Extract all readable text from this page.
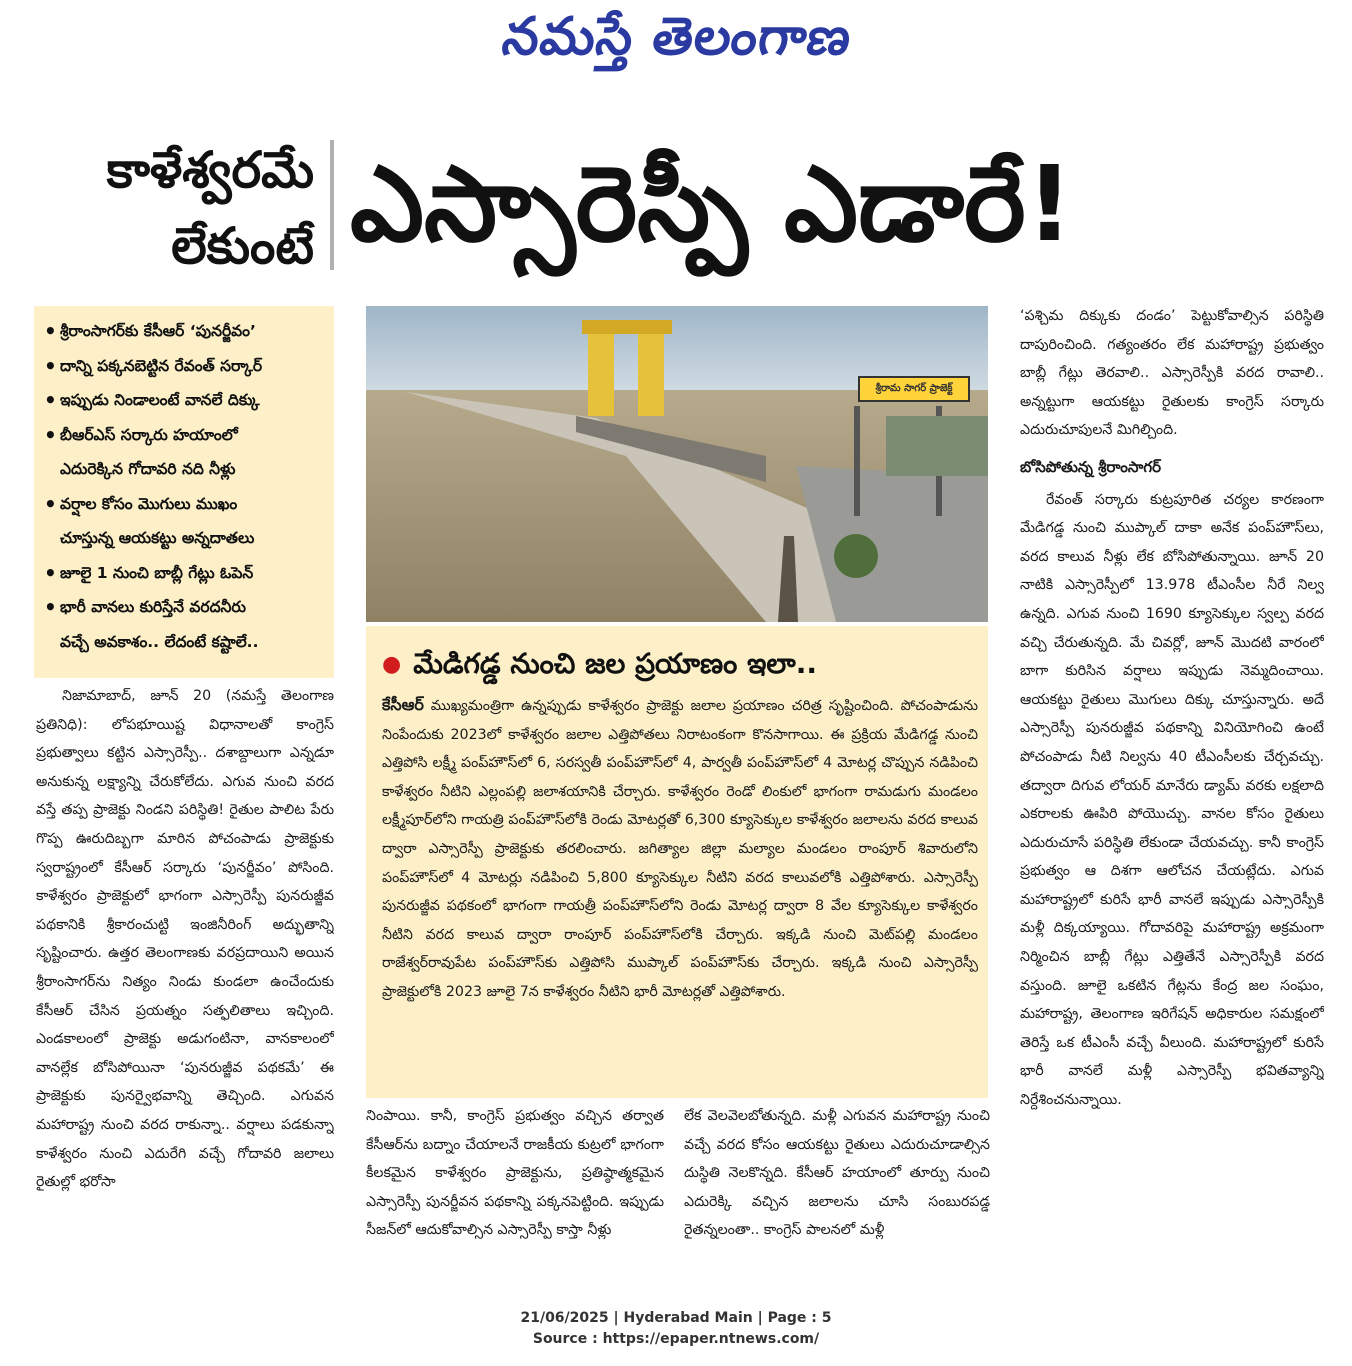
నమస్తే తెలంగాణ
కాళేశ్వరమే
లేకుంటే ఎస్సారెస్పీ ఎడారే!
• శ్రీరాంసాగర్‌కు కేసీఆర్ ‘పునర్జీవం’
• దాన్ని పక్కనబెట్టిన రేవంత్ సర్కార్
• ఇప్పుడు నిండాలంటే వానలే దిక్కు
• బీఆర్ఎస్ సర్కారు హయాంలో
ఎదురెక్కిన గోదావరి నది నీళ్లు
• వర్షాల కోసం మొగులు ముఖం
చూస్తున్న ఆయకట్టు అన్నదాతలు
• జూలై 1 నుంచి బాబ్లీ గేట్లు ఓపెన్
• భారీ వానలు కురిస్తేనే వరదనీరు
వచ్చే అవకాశం.. లేదంటే కష్టాలే..
శ్రీరామ సాగర్ ప్రాజెక్ట్
● మేడిగడ్డ నుంచి జల ప్రయాణం ఇలా..

కేసీఆర్ ముఖ్యమంత్రిగా ఉన్నప్పుడు కాళేశ్వరం ప్రాజెక్టు జలాల ప్రయాణం చరిత్ర సృష్టించింది. పోచంపాడును నింపేందుకు 2023లో కాళేశ్వరం జలాల ఎత్తిపోతలు నిరాటంకంగా కొనసాగాయి. ఈ ప్రక్రియ మేడిగడ్డ నుంచి ఎత్తిపోసి లక్ష్మీ పంప్‌హౌస్‌లో 6, సరస్వతీ పంప్‌హౌస్‌లో 4, పార్వతీ పంప్‌హౌస్‌లో 4 మోటర్ల చొప్పున నడిపించి కాళేశ్వరం నీటిని ఎల్లంపల్లి జలాశయానికి చేర్చారు. కాళేశ్వరం రెండో లింకులో భాగంగా రామడుగు మండలం లక్ష్మీపూర్‌లోని గాయత్రి పంప్‌హౌస్‌లోకి రెండు మోటర్లతో 6,300 క్యూసెక్కుల కాళేశ్వరం జలాలను వరద కాలువ ద్వారా ఎస్సారెస్పీ ప్రాజెక్టుకు తరలించారు. జగిత్యాల జిల్లా మల్యాల మండలం రాంపూర్ శివారులోని పంప్‌హౌస్‌లో 4 మోటర్లు నడిపించి 5,800 క్యూసెక్కుల నీటిని వరద కాలువలోకి ఎత్తిపోశారు. ఎస్సారెస్పీ పునరుజ్జీవ పథకంలో భాగంగా గాయత్రీ పంప్‌హౌస్‌లోని రెండు మోటర్ల ద్వారా 8 వేల క్యూసెక్కుల కాళేశ్వరం నీటిని వరద కాలువ ద్వారా రాంపూర్ పంప్‌హౌస్‌లోకి చేర్చారు. ఇక్కడి నుంచి మెట్‌పల్లి మండలం రాజేశ్వర్‌రావుపేట పంప్‌హౌస్‌కు ఎత్తిపోసి ముప్కాల్ పంప్‌హౌస్‌కు చేర్చారు. ఇక్కడి నుంచి ఎస్సారెస్పీ ప్రాజెక్టులోకి 2023 జూలై 7న కాళేశ్వరం నీటిని భారీ మోటర్లతో ఎత్తిపోశారు.

నిజామాబాద్, జూన్ 20 (నమస్తే తెలంగాణ ప్రతినిధి): లోపభూయిష్ట విధానాలతో కాంగ్రెస్ ప్రభుత్వాలు కట్టిన ఎస్సారెస్పీ.. దశాబ్దాలుగా ఎన్నడూ అనుకున్న లక్ష్యాన్ని చేరుకోలేదు. ఎగువ నుంచి వరద వస్తే తప్ప ప్రాజెక్టు నిండని పరిస్థితి! రైతుల పాలిట పేరు గొప్ప ఊరుదిబ్బగా మారిన పోచంపాడు ప్రాజెక్టుకు స్వరాష్ట్రంలో కేసీఆర్ సర్కారు ‘పునర్జీవం’ పోసింది. కాళేశ్వరం ప్రాజెక్టులో భాగంగా ఎస్సారెస్పీ పునరుజ్జీవ పథకానికి శ్రీకారంచుట్టి ఇంజినీరింగ్ అద్భుతాన్ని సృష్టించారు. ఉత్తర తెలంగాణకు వరప్రదాయిని అయిన శ్రీరాంసాగర్‌ను నిత్యం నిండు కుండలా ఉంచేందుకు కేసీఆర్ చేసిన ప్రయత్నం సత్ఫలితాలు ఇచ్చింది. ఎండకాలంలో ప్రాజెక్టు అడుగంటినా, వానకాలంలో వానల్లేక బోసిపోయినా ‘పునరుజ్జీవ పథకమే’ ఈ ప్రాజెక్టుకు పునర్వైభవాన్ని తెచ్చింది. ఎగువన మహారాష్ట్ర నుంచి వరద రాకున్నా.. వర్షాలు పడకున్నా కాళేశ్వరం నుంచి ఎదురేగి వచ్చే గోదావరి జలాలు రైతుల్లో భరోసా
నింపాయి. కానీ, కాంగ్రెస్ ప్రభుత్వం వచ్చిన తర్వాత కేసీఆర్‌ను బద్నాం చేయాలనే రాజకీయ కుట్రలో భాగంగా కీలకమైన కాళేశ్వరం ప్రాజెక్టును, ప్రతిష్ఠాత్మకమైన ఎస్సారెస్పీ పునర్జీవన పథకాన్ని పక్కనపెట్టింది. ఇప్పుడు సీజన్‌లో ఆదుకోవాల్సిన ఎస్సారెస్పీ కాస్తా నీళ్లు
లేక వెలవెలబోతున్నది. మళ్లీ ఎగువన మహారాష్ట్ర నుంచి వచ్చే వరద కోసం ఆయకట్టు రైతులు ఎదురుచూడాల్సిన దుస్థితి నెలకొన్నది. కేసీఆర్ హయాంలో తూర్పు నుంచి ఎదురెక్కి వచ్చిన జలాలను చూసి సంబురపడ్డ రైతన్నలంతా.. కాంగ్రెస్ పాలనలో మళ్లీ
‘పశ్చిమ దిక్కుకు దండం’ పెట్టుకోవాల్సిన పరిస్థితి దాపురించింది. గత్యంతరం లేక మహారాష్ట్ర ప్రభుత్వం బాబ్లీ గేట్లు తెరవాలి.. ఎస్సారెస్పీకి వరద రావాలి.. అన్నట్టుగా ఆయకట్టు రైతులకు కాంగ్రెస్ సర్కారు ఎదురుచూపులనే మిగిల్చింది.
బోసిపోతున్న శ్రీరాంసాగర్
రేవంత్ సర్కారు కుట్రపూరిత చర్యల కారణంగా మేడిగడ్డ నుంచి ముప్కాల్ దాకా అనేక పంప్‌హౌస్‌లు, వరద కాలువ నీళ్లు లేక బోసిపోతున్నాయి. జూన్ 20 నాటికి ఎస్సారెస్పీలో 13.978 టీఎంసీల నీరే నిల్వ ఉన్నది. ఎగువ నుంచి 1690 క్యూసెక్కుల స్వల్ప వరద వచ్చి చేరుతున్నది. మే చివర్లో, జూన్ మొదటి వారంలో బాగా కురిసిన వర్షాలు ఇప్పుడు నెమ్మదించాయి. ఆయకట్టు రైతులు మొగులు దిక్కు చూస్తున్నారు. అదే ఎస్సారెస్పీ పునరుజ్జీవ పథకాన్ని వినియోగించి ఉంటే పోచంపాడు నీటి నిల్వను 40 టీఎంసీలకు చేర్చవచ్చు. తద్వారా దిగువ లోయర్ మానేరు డ్యామ్ వరకు లక్షలాది ఎకరాలకు ఊపిరి పోయొచ్చు. వానల కోసం రైతులు ఎదురుచూసే పరిస్థితి లేకుండా చేయవచ్చు. కానీ కాంగ్రెస్ ప్రభుత్వం ఆ దిశగా ఆలోచన చేయట్లేదు. ఎగువ మహారాష్ట్రలో కురిసే భారీ వానలే ఇప్పుడు ఎస్సారెస్పీకి మళ్లీ దిక్కయ్యాయి. గోదావరిపై మహారాష్ట్ర అక్రమంగా నిర్మించిన బాబ్లీ గేట్లు ఎత్తితేనే ఎస్సారెస్పీకి వరద వస్తుంది. జూలై ఒకటిన గేట్లను కేంద్ర జల సంఘం, మహారాష్ట్ర, తెలంగాణ ఇరిగేషన్ అధికారుల సమక్షంలో తెరిస్తే ఒక టీఎంసీ వచ్చే వీలుంది. మహారాష్ట్రలో కురిసే భారీ వానలే మళ్లీ ఎస్సారెస్పీ భవితవ్యాన్ని నిర్దేశించనున్నాయి.
21/06/2025 | Hyderabad Main | Page : 5
Source : https://epaper.ntnews.com/
